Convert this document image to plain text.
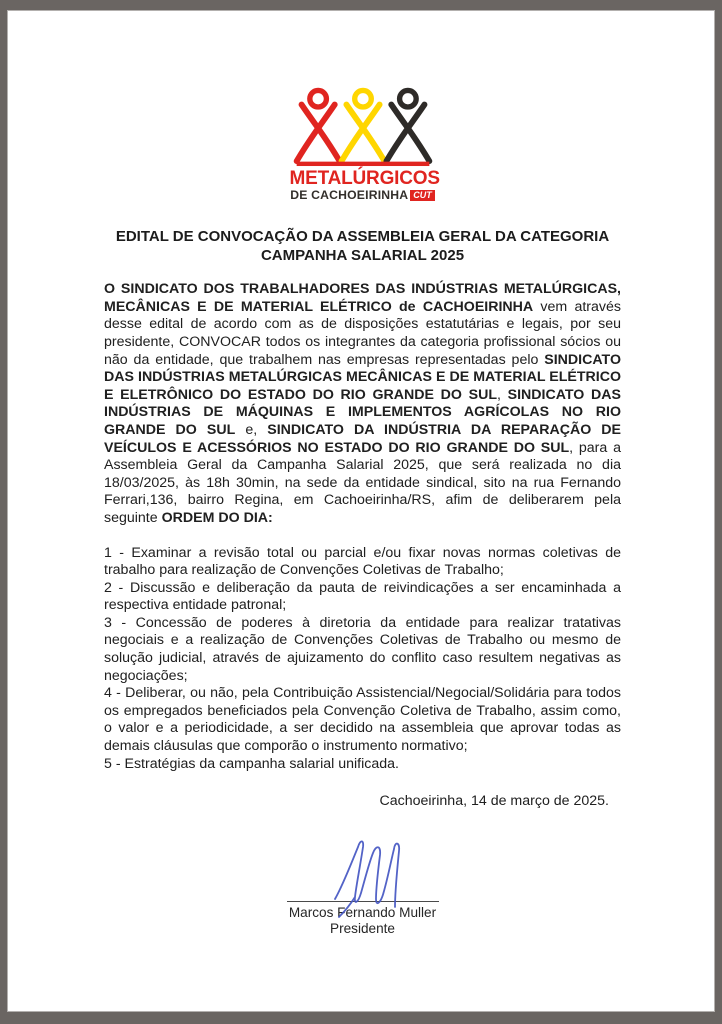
METALÚRGICOS
DE CACHOEIRINHA CUT
EDITAL DE CONVOCAÇÃO DA ASSEMBLEIA GERAL DA CATEGORIA
CAMPANHA SALARIAL 2025

O SINDICATO DOS TRABALHADORES DAS INDÚSTRIAS METALÚRGICAS, MECÂNICAS E DE MATERIAL ELÉTRICO de CACHOEIRINHA vem através desse edital de acordo com as de disposições estatutárias e legais, por seu presidente, CONVOCAR todos os integrantes da categoria profissional sócios ou não da entidade, que trabalhem nas empresas representadas pelo SINDICATO DAS INDÚSTRIAS METALÚRGICAS MECÂNICAS E DE MATERIAL ELÉTRICO E ELETRÔNICO DO ESTADO DO RIO GRANDE DO SUL, SINDICATO DAS INDÚSTRIAS DE MÁQUINAS E IMPLEMENTOS AGRÍCOLAS NO RIO GRANDE DO SUL e, SINDICATO DA INDÚSTRIA DA REPARAÇÃO DE VEÍCULOS E ACESSÓRIOS NO ESTADO DO RIO GRANDE DO SUL, para a Assembleia Geral da Campanha Salarial 2025, que será realizada no dia 18/03/2025, às 18h 30min, na sede da entidade sindical, sito na rua Fernando Ferrari,136, bairro Regina, em Cachoeirinha/RS, afim de deliberarem pela seguinte ORDEM DO DIA:

1 - Examinar a revisão total ou parcial e/ou fixar novas normas coletivas de trabalho para realização de Convenções Coletivas de Trabalho;
2 - Discussão e deliberação da pauta de reivindicações a ser encaminhada a respectiva entidade patronal;
3 - Concessão de poderes à diretoria da entidade para realizar tratativas negociais e a realização de Convenções Coletivas de Trabalho ou mesmo de solução judicial, através de ajuizamento do conflito caso resultem negativas as negociações;
4 - Deliberar, ou não, pela Contribuição Assistencial/Negocial/Solidária para todos os empregados beneficiados pela Convenção Coletiva de Trabalho, assim como, o valor e a periodicidade, a ser decidido na assembleia que aprovar todas as demais cláusulas que comporão o instrumento normativo;
5 - Estratégias da campanha salarial unificada.
Cachoeirinha, 14 de março de 2025.
Marcos Fernando Muller
Presidente
